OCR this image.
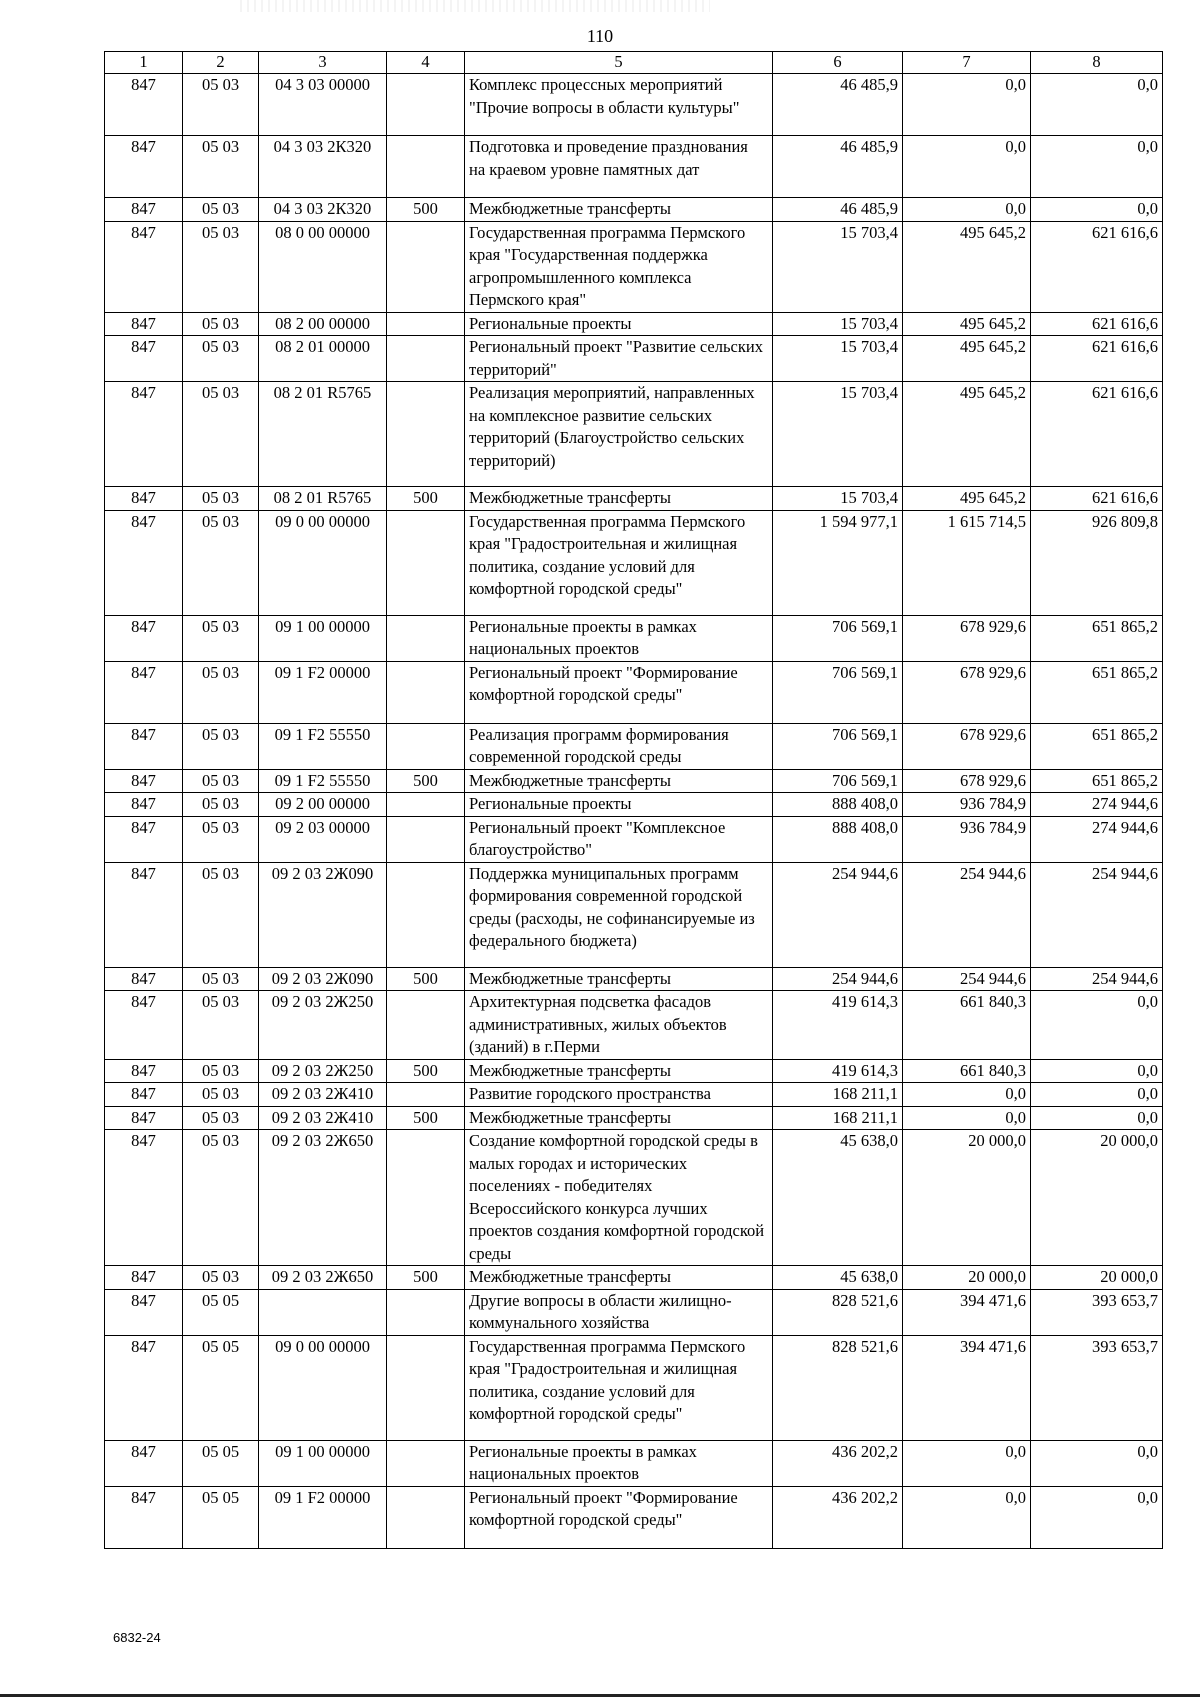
110
1	2	3	4	5	6	7	8
847	05 03	04 3 03 00000		Комплекс процессных мероприятий "Прочие вопросы в области культуры"	46 485,9	0,0	0,0
847	05 03	04 3 03 2К320		Подготовка и проведение празднования на краевом уровне памятных дат	46 485,9	0,0	0,0
847	05 03	04 3 03 2К320	500	Межбюджетные трансферты	46 485,9	0,0	0,0
847	05 03	08 0 00 00000		Государственная программа Пермского края "Государственная поддержка агропромышленного комплекса Пермского края"	15 703,4	495 645,2	621 616,6
847	05 03	08 2 00 00000		Региональные проекты	15 703,4	495 645,2	621 616,6
847	05 03	08 2 01 00000		Региональный проект "Развитие сельских территорий"	15 703,4	495 645,2	621 616,6
847	05 03	08 2 01 R5765		Реализация мероприятий, направленных на комплексное развитие сельских территорий (Благоустройство сельских территорий)	15 703,4	495 645,2	621 616,6
847	05 03	08 2 01 R5765	500	Межбюджетные трансферты	15 703,4	495 645,2	621 616,6
847	05 03	09 0 00 00000		Государственная программа Пермского края "Градостроительная и жилищная политика, создание условий для комфортной городской среды"	1 594 977,1	1 615 714,5	926 809,8
847	05 03	09 1 00 00000		Региональные проекты в рамках национальных проектов	706 569,1	678 929,6	651 865,2
847	05 03	09 1 F2 00000		Региональный проект "Формирование комфортной городской среды"	706 569,1	678 929,6	651 865,2
847	05 03	09 1 F2 55550		Реализация программ формирования современной городской среды	706 569,1	678 929,6	651 865,2
847	05 03	09 1 F2 55550	500	Межбюджетные трансферты	706 569,1	678 929,6	651 865,2
847	05 03	09 2 00 00000		Региональные проекты	888 408,0	936 784,9	274 944,6
847	05 03	09 2 03 00000		Региональный проект "Комплексное благоустройство"	888 408,0	936 784,9	274 944,6
847	05 03	09 2 03 2Ж090		Поддержка муниципальных программ формирования современной городской среды (расходы, не софинансируемые из федерального бюджета)	254 944,6	254 944,6	254 944,6
847	05 03	09 2 03 2Ж090	500	Межбюджетные трансферты	254 944,6	254 944,6	254 944,6
847	05 03	09 2 03 2Ж250		Архитектурная подсветка фасадов административных, жилых объектов (зданий) в г.Перми	419 614,3	661 840,3	0,0
847	05 03	09 2 03 2Ж250	500	Межбюджетные трансферты	419 614,3	661 840,3	0,0
847	05 03	09 2 03 2Ж410		Развитие городского пространства	168 211,1	0,0	0,0
847	05 03	09 2 03 2Ж410	500	Межбюджетные трансферты	168 211,1	0,0	0,0
847	05 03	09 2 03 2Ж650		Создание комфортной городской среды в малых городах и исторических поселениях - победителях Всероссийского конкурса лучших проектов создания комфортной городской среды	45 638,0	20 000,0	20 000,0
847	05 03	09 2 03 2Ж650	500	Межбюджетные трансферты	45 638,0	20 000,0	20 000,0
847	05 05			Другие вопросы в области жилищно-коммунального хозяйства	828 521,6	394 471,6	393 653,7
847	05 05	09 0 00 00000		Государственная программа Пермского края "Градостроительная и жилищная политика, создание условий для комфортной городской среды"	828 521,6	394 471,6	393 653,7
847	05 05	09 1 00 00000		Региональные проекты в рамках национальных проектов	436 202,2	0,0	0,0
847	05 05	09 1 F2 00000		Региональный проект "Формирование комфортной городской среды"	436 202,2	0,0	0,0
6832-24
